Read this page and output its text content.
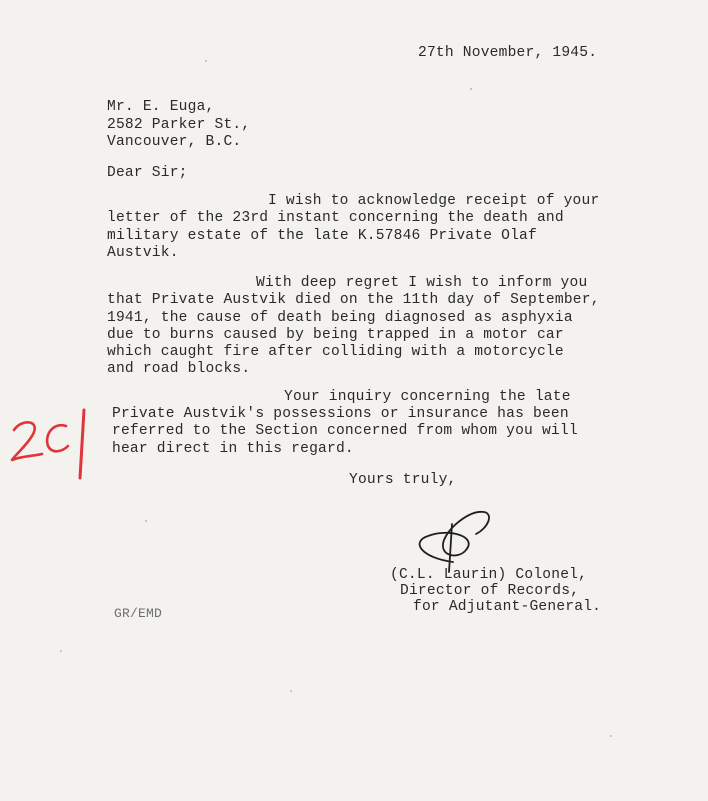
27th November, 1945.
Mr. E. Euga,
2582 Parker St.,
Vancouver, B.C.
Dear Sir;
I wish to acknowledge receipt of your
letter of the 23rd instant concerning the death and
military estate of the late K.57846 Private Olaf
Austvik.
With deep regret I wish to inform you
that Private Austvik died on the 11th day of September,
1941, the cause of death being diagnosed as asphyxia
due to burns caused by being trapped in a motor car
which caught fire after colliding with a motorcycle
and road blocks.
Your inquiry concerning the late
Private Austvik's possessions or insurance has been
referred to the Section concerned from whom you will
hear direct in this regard.
Yours truly,
(C.L. Laurin) Colonel,
Director of Records,
for Adjutant-General.
GR/EMD
